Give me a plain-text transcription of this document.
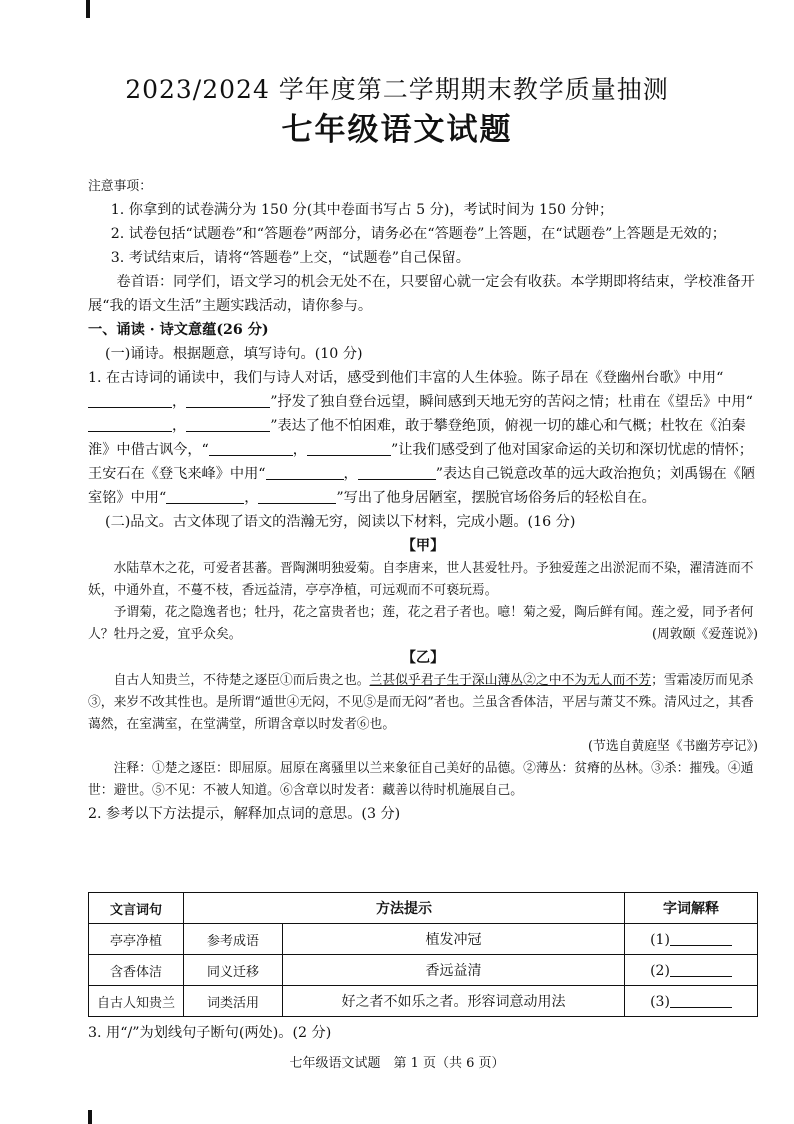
2023/2024 学年度第二学期期末教学质量抽测
七年级语文试题

注意事项：

1. 你拿到的试卷满分为 150 分(其中卷面书写占 5 分)，考试时间为 150 分钟；

2. 试卷包括“试题卷”和“答题卷”两部分，请务必在“答题卷”上答题，在“试题卷”上答题是无效的；

3. 考试结束后，请将“答题卷”上交，“试题卷”自己保留。

卷首语：同学们，语文学习的机会无处不在，只要留心就一定会有收获。本学期即将结束，学校准备开展“我的语文生活”主题实践活动，请你参与。

一、诵读 · 诗文意蕴(26 分)

(一)诵诗。根据题意，填写诗句。(10 分)

1. 在古诗词的诵读中，我们与诗人对话，感受到他们丰富的人生体验。陈子昂在《登幽州台歌》中用“，	”抒发了独自登台远望，瞬间感到天地无穷的苦闷之情；杜甫在《望岳》中用“，	”表达了他不怕困难，敢于攀登绝顶，俯视一切的雄心和气概；杜牧在《泊秦淮》中借古讽今，“	，	”让我们感受到了他对国家命运的关切和深切忧虑的情怀；王安石在《登飞来峰》中用“	，	”表达自己锐意改革的远大政治抱负；刘禹锡在《陋室铭》中用“	，	”写出了他身居陋室，摆脱官场俗务后的轻松自在。

(二)品文。古文体现了语文的浩瀚无穷，阅读以下材料，完成小题。(16 分)

【甲】

水陆草木之花，可爱者甚蕃。晋陶渊明独爱菊。自李唐来，世人甚爱牡丹。予独爱莲之出淤泥而不染，濯清涟而不妖，中通外直，不蔓不枝，香远益清，亭亭净植，可远观而不可亵玩焉。

予谓菊，花之隐逸者也；牡丹，花之富贵者也；莲，花之君子者也。噫！菊之爱，陶后鲜有闻。莲之爱，同予者何人？牡丹之爱，宜乎众矣。	(周敦颐《爱莲说》)

【乙】

自古人知贵兰，不待楚之逐臣①而后贵之也。兰甚似乎君子生于深山薄丛②之中不为无人而不芳；雪霜凌厉而见杀③，来岁不改其性也。是所谓“遁世④无闷，不见⑤是而无闷”者也。兰虽含香体洁，平居与萧艾不殊。清风过之，其香蔼然，在室满室，在堂满堂，所谓含章以时发者⑥也。

(节选自黄庭坚《书幽芳亭记》)

注释：①楚之逐臣：即屈原。屈原在离骚里以兰来象征自己美好的品德。②薄丛：贫瘠的丛林。③杀：摧残。④遁世：避世。⑤不见：不被人知道。⑥含章以时发者：藏善以待时机施展自己。

2. 参考以下方法提示，解释加点词的意思。(3 分)

文言词句	方法提示		字词解释
亭亭净植	参考成语	植发冲冠	(1)
含香体洁	同义迁移	香远益清	(2)
自古人知贵兰	词类活用	好之者不如乐之者。形容词意动用法	(3)
3. 用“/”为划线句子断句(两处)。(2 分)
七年级语文试题　第 1 页（共 6 页）
